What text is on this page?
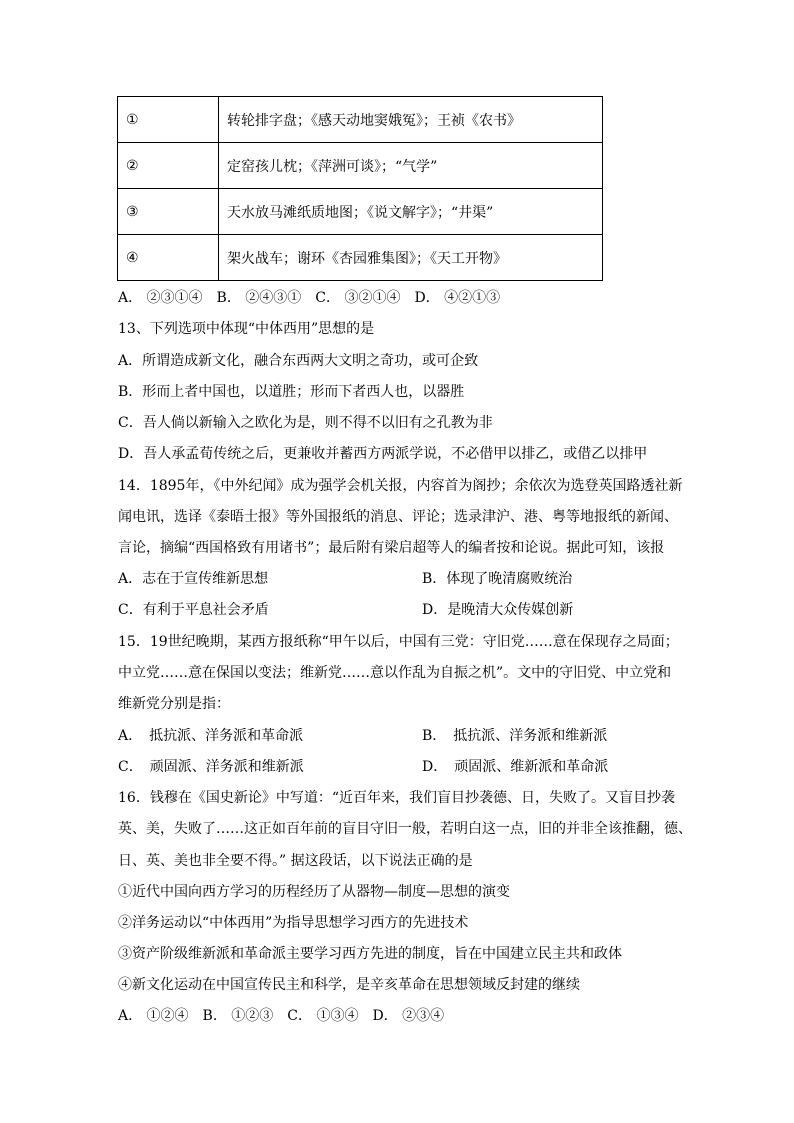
①	转轮排字盘；《感天动地窦娥冤》；王祯《农书》
②	定窑孩儿枕；《萍洲可谈》；“气学”
③	天水放马滩纸质地图；《说文解字》；“井渠”
④	架火战车；谢环《杏园雅集图》；《天工开物》
A． ②③①④　B． ②④③①　C． ③②①④　D． ④②①③
13、下列选项中体现“中体西用”思想的是
A．所谓造成新文化，融合东西两大文明之奇功，或可企致
B．形而上者中国也，以道胜；形而下者西人也，以器胜
C．吾人倘以新输入之欧化为是，则不得不以旧有之孔教为非
D．吾人承孟荀传统之后，更兼收并蓄西方两派学说，不必借甲以排乙，或借乙以排甲
14．1895年，《中外纪闻》成为强学会机关报，内容首为阁抄；余依次为选登英国路透社新
闻电讯，选译《泰晤士报》等外国报纸的消息、评论；选录津沪、港、粤等地报纸的新闻、
言论，摘编“西国格致有用诸书”；最后附有梁启超等人的编者按和论说。据此可知，该报
A．志在于宣传维新思想	B．体现了晚清腐败统治
C．有利于平息社会矛盾	D．是晚清大众传媒创新
15．19世纪晚期，某西方报纸称“甲午以后，中国有三党：守旧党……意在保现存之局面；
中立党……意在保国以变法；维新党……意以作乱为自振之机”。文中的守旧党、中立党和
维新党分别是指：
A．　抵抗派、洋务派和革命派	B．　抵抗派、洋务派和维新派
C．　顽固派、洋务派和维新派	D．　顽固派、维新派和革命派
16．钱穆在《国史新论》中写道：“近百年来，我们盲目抄袭德、日，失败了。又盲目抄袭
英、美，失败了……这正如百年前的盲目守旧一般，若明白这一点，旧的并非全该推翻，德、
日、英、美也非全要不得。” 据这段话，以下说法正确的是
①近代中国向西方学习的历程经历了从器物—制度—思想的演变
②洋务运动以“中体西用”为指导思想学习西方的先进技术
③资产阶级维新派和革命派主要学习西方先进的制度，旨在中国建立民主共和政体
④新文化运动在中国宣传民主和科学，是辛亥革命在思想领域反封建的继续
A． ①②④　B． ①②③　C． ①③④　D． ②③④
